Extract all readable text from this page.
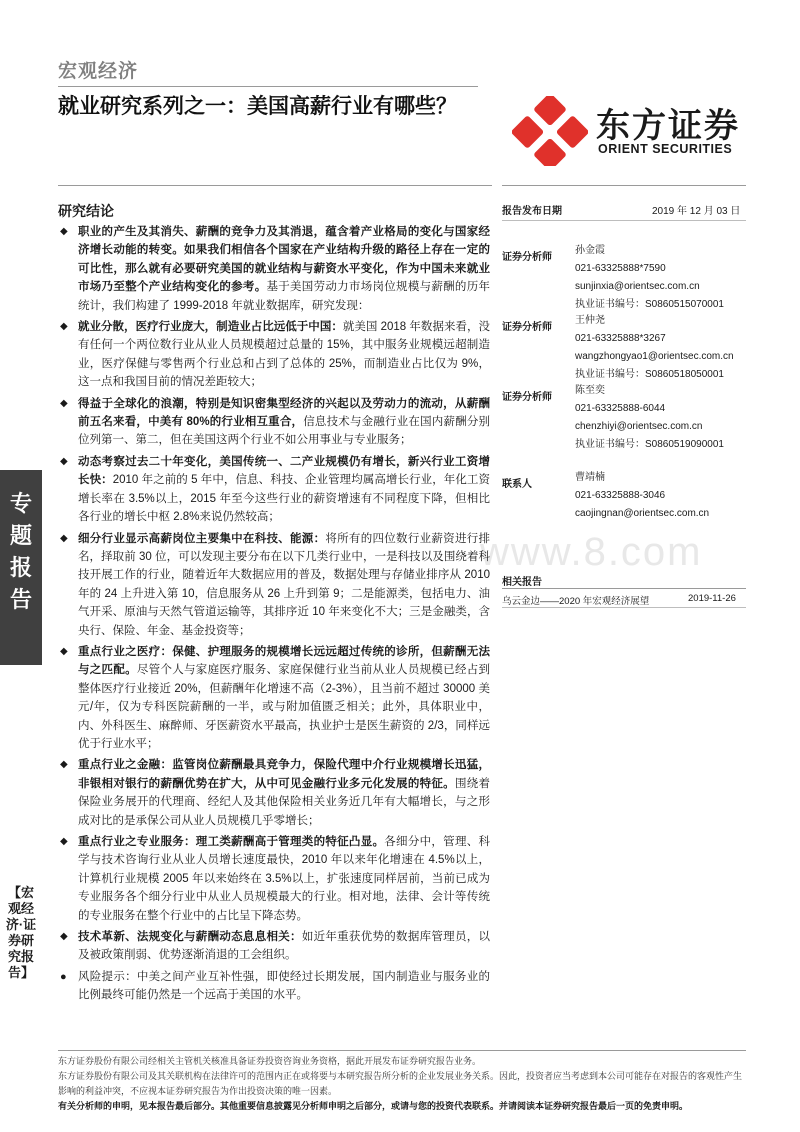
宏观经济
就业研究系列之一：美国高薪行业有哪些？
东方证券
ORIENT SECURITIES
www.8.com
研究结论
◆ 职业的产生及其消失、薪酬的竞争力及其消退，蕴含着产业格局的变化与国家经济增长动能的转变。如果我们相信各个国家在产业结构升级的路径上存在一定的可比性，那么就有必要研究美国的就业结构与薪资水平变化，作为中国未来就业市场乃至整个产业结构变化的参考。基于美国劳动力市场岗位规模与薪酬的历年统计，我们构建了 1999-2018 年就业数据库，研究发现：
◆ 就业分散，医疗行业庞大，制造业占比远低于中国：就美国 2018 年数据来看，没有任何一个两位数行业从业人员规模超过总量的 15%，其中服务业规模远超制造业，医疗保健与零售两个行业总和占到了总体的 25%，而制造业占比仅为 9%，这一点和我国目前的情况差距较大；
◆ 得益于全球化的浪潮，特别是知识密集型经济的兴起以及劳动力的流动，从薪酬前五名来看，中美有 80%的行业相互重合，信息技术与金融行业在国内薪酬分别位列第一、第二，但在美国这两个行业不如公用事业与专业服务；
◆ 动态考察过去二十年变化，美国传统一、二产业规模仍有增长，新兴行业工资增长快：2010 年之前的 5 年中，信息、科技、企业管理均属高增长行业，年化工资增长率在 3.5%以上，2015 年至今这些行业的薪资增速有不同程度下降，但相比各行业的增长中枢 2.8%来说仍然较高；
◆ 细分行业显示高薪岗位主要集中在科技、能源：将所有的四位数行业薪资进行排名，择取前 30 位，可以发现主要分布在以下几类行业中，一是科技以及围绕着科技开展工作的行业，随着近年大数据应用的普及，数据处理与存储业排序从 2010 年的 24 上升进入第 10，信息服务从 26 上升到第 9；二是能源类，包括电力、油气开采、原油与天然气管道运输等，其排序近 10 年来变化不大；三是金融类，含央行、保险、年金、基金投资等；
◆ 重点行业之医疗：保健、护理服务的规模增长远远超过传统的诊所，但薪酬无法与之匹配。尽管个人与家庭医疗服务、家庭保健行业当前从业人员规模已经占到整体医疗行业接近 20%，但薪酬年化增速不高（2-3%），且当前不超过 30000 美元/年，仅为专科医院薪酬的一半，或与附加值匮乏相关；此外，具体职业中，内、外科医生、麻醉师、牙医薪资水平最高，执业护士是医生薪资的 2/3，同样远优于行业水平；
◆ 重点行业之金融：监管岗位薪酬最具竞争力，保险代理中介行业规模增长迅猛，非银相对银行的薪酬优势在扩大，从中可见金融行业多元化发展的特征。围绕着保险业务展开的代理商、经纪人及其他保险相关业务近几年有大幅增长，与之形成对比的是承保公司从业人员规模几乎零增长；
◆ 重点行业之专业服务：理工类薪酬高于管理类的特征凸显。各细分中，管理、科学与技术咨询行业从业人员增长速度最快，2010 年以来年化增速在 4.5%以上，计算机行业规模 2005 年以来始终在 3.5%以上，扩张速度同样居前，当前已成为专业服务各个细分行业中从业人员规模最大的行业。相对地，法律、会计等传统的专业服务在整个行业中的占比呈下降态势。
◆ 技术革新、法规变化与薪酬动态息息相关：如近年重获优势的数据库管理员，以及被政策削弱、优势逐渐消退的工会组织。
● 风险提示：中美之间产业互补性强，即使经过长期发展，国内制造业与服务业的比例最终可能仍然是一个远高于美国的水平。
专
题
报
告
【宏观经济·证券研究报告】
报告发布日期	2019 年 12 月 03 日
证券分析师
孙金霞
021-63325888*7590
sunjinxia@orientsec.com.cn
执业证书编号：S0860515070001
证券分析师
王仲尧
021-63325888*3267
wangzhongyao1@orientsec.com.cn
执业证书编号：S0860518050001
证券分析师
陈至奕
021-63325888-6044
chenzhiyi@orientsec.com.cn
执业证书编号：S0860519090001
联系人
曹靖楠
021-63325888-3046
caojingnan@orientsec.com.cn
相关报告
乌云金边——2020 年宏观经济展望	2019-11-26
东方证券股份有限公司经相关主管机关核准具备证券投资咨询业务资格，据此开展发布证券研究报告业务。
东方证券股份有限公司及其关联机构在法律许可的范围内正在或将要与本研究报告所分析的企业发展业务关系。因此，投资者应当考虑到本公司可能存在对报告的客观性产生影响的利益冲突，不应视本证券研究报告为作出投资决策的唯一因素。
有关分析师的申明，见本报告最后部分。其他重要信息披露见分析师申明之后部分，或请与您的投资代表联系。并请阅读本证券研究报告最后一页的免责申明。
